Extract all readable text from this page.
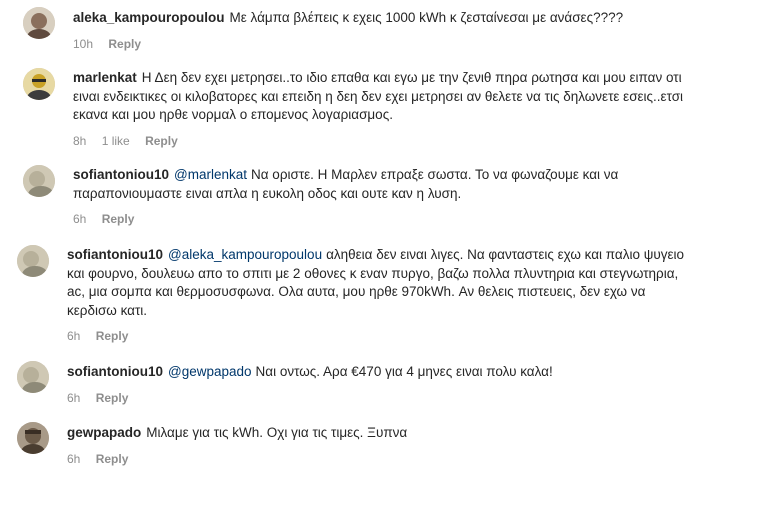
aleka_kampouropoulou Με λάμπα βλέπεις κ εχεις 1000 kWh κ ζεσταίνεσαι με ανάσες????

10h Reply

marlenkat Η Δεη δεν εχει μετρησει..το ιδιο επαθα και εγω με την ζενιθ πηρα ρωτησα και μου ειπαν οτι ειναι ενδεικτικες οι κιλοβατορες και επειδη η δεη δεν εχει μετρησει αν θελετε να τις δηλωνετε εσεις..ετσι εκανα και μου ηρθε νορμαλ ο επομενος λογαριασμος.

8h 1 like Reply

sofiantoniou10 @marlenkat Να οριστε. Η Μαρλεν επραξε σωστα. Το να φωναζουμε και να παραπονιουμαστε ειναι απλα η ευκολη οδος και ουτε καν η λυση.

6h Reply

sofiantoniou10 @aleka_kampouropoulou αληθεια δεν ειναι λιγες. Να φανταστεις εχω και παλιο ψυγειο και φουρνο, δουλευω απο το σπιτι με 2 οθονες κ εναν πυργο, βαζω πολλα πλυντηρια και στεγνωτηρια, ac, μια σομπα και θερμοσυσφωνα. Ολα αυτα, μου ηρθε 970kWh. Αν θελεις πιστευεις, δεν εχω να κερδισω κατι.

6h Reply

sofiantoniou10 @gewpapado Ναι οντως. Αρα €470 για 4 μηνες ειναι πολυ καλα!

6h Reply

gewpapado Μιλαμε για τις kWh. Οχι για τις τιμες. Ξυπνα

6h Reply
